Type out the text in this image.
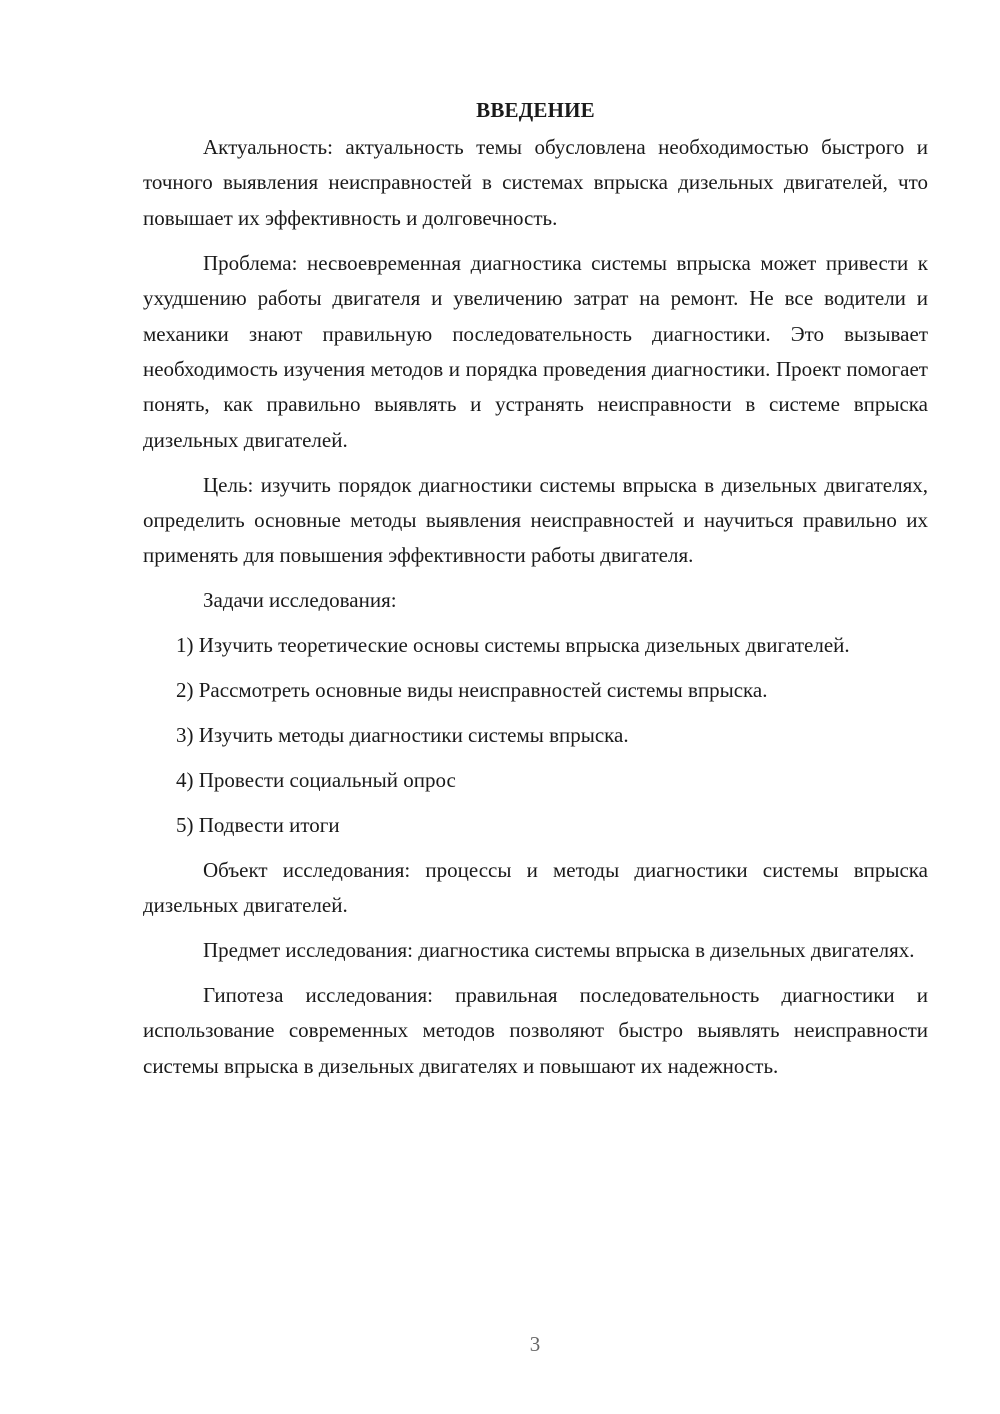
ВВЕДЕНИЕ

Актуальность: актуальность темы обусловлена необходимостью быстрого и точного выявления неисправностей в системах впрыска дизельных двигателей, что повышает их эффективность и долговечность.

Проблема: несвоевременная диагностика системы впрыска может привести к ухудшению работы двигателя и увеличению затрат на ремонт. Не все водители и механики знают правильную последовательность диагностики. Это вызывает необходимость изучения методов и порядка проведения диагностики. Проект помогает понять, как правильно выявлять и устранять неисправности в системе впрыска дизельных двигателей.

Цель: изучить порядок диагностики системы впрыска в дизельных двигателях, определить основные методы выявления неисправностей и научиться правильно их применять для повышения эффективности работы двигателя.

Задачи исследования:

1) Изучить теоретические основы системы впрыска дизельных двигателей.

2) Рассмотреть основные виды неисправностей системы впрыска.

3) Изучить методы диагностики системы впрыска.

4) Провести социальный опрос

5) Подвести итоги

Объект исследования: процессы и методы диагностики системы впрыска дизельных двигателей.

Предмет исследования: диагностика системы впрыска в дизельных двигателях.

Гипотеза исследования: правильная последовательность диагностики и использование современных методов позволяют быстро выявлять неисправности системы впрыска в дизельных двигателях и повышают их надежность.

3
